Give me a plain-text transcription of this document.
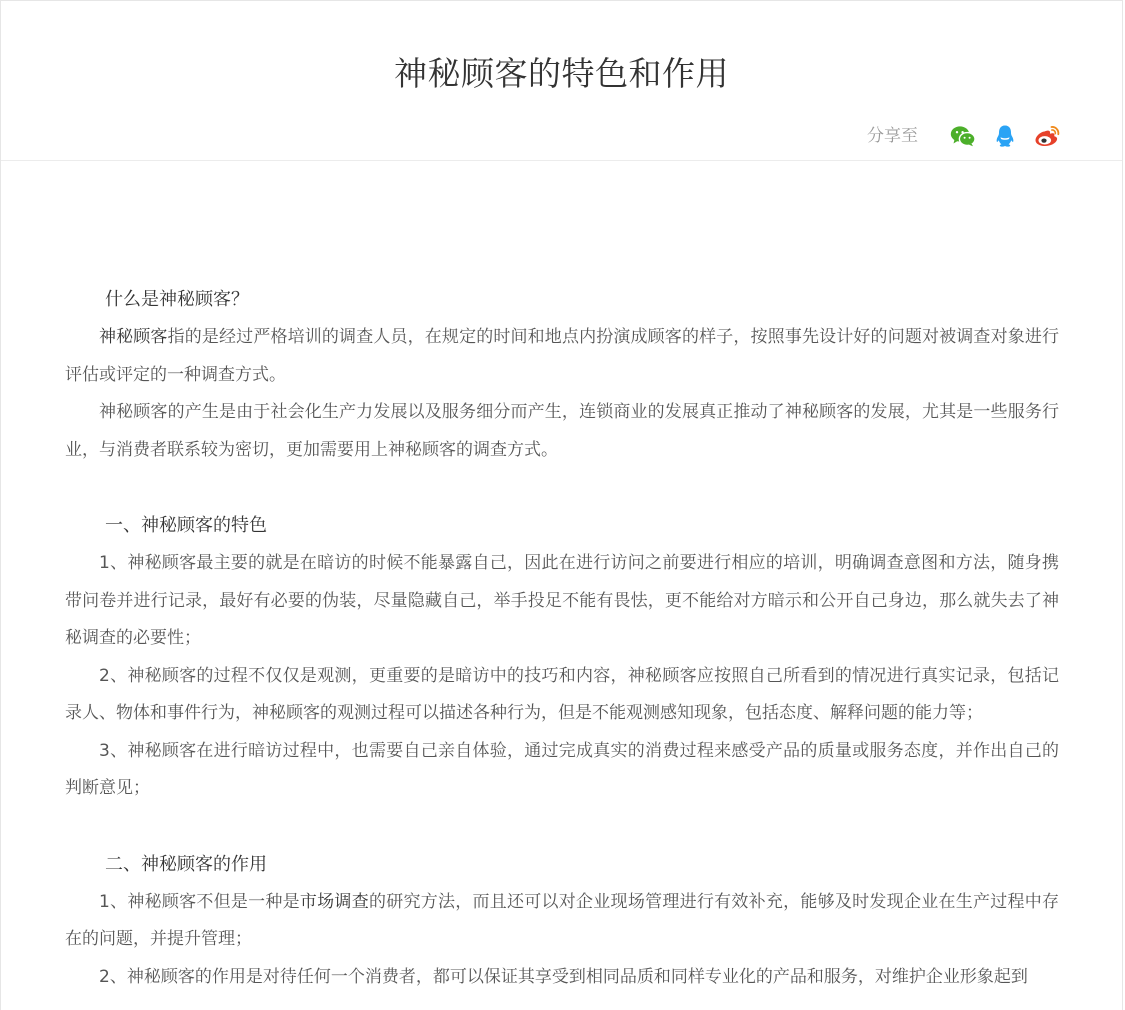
神秘顾客的特色和作用
分享至
什么是神秘顾客？

神秘顾客指的是经过严格培训的调查人员，在规定的时间和地点内扮演成顾客的样子，按照事先设计好的问题对被调查对象进行评估或评定的一种调查方式。

神秘顾客的产生是由于社会化生产力发展以及服务细分而产生，连锁商业的发展真正推动了神秘顾客的发展，尤其是一些服务行业，与消费者联系较为密切，更加需要用上神秘顾客的调查方式。

一、神秘顾客的特色

1、神秘顾客最主要的就是在暗访的时候不能暴露自己，因此在进行访问之前要进行相应的培训，明确调查意图和方法，随身携带问卷并进行记录，最好有必要的伪装，尽量隐藏自己，举手投足不能有畏怯，更不能给对方暗示和公开自己身边，那么就失去了神秘调查的必要性；

2、神秘顾客的过程不仅仅是观测，更重要的是暗访中的技巧和内容，神秘顾客应按照自己所看到的情况进行真实记录，包括记录人、物体和事件行为，神秘顾客的观测过程可以描述各种行为，但是不能观测感知现象，包括态度、解释问题的能力等；

3、神秘顾客在进行暗访过程中，也需要自己亲自体验，通过完成真实的消费过程来感受产品的质量或服务态度，并作出自己的判断意见；

二、神秘顾客的作用

1、神秘顾客不但是一种是市场调查的研究方法，而且还可以对企业现场管理进行有效补充，能够及时发现企业在生产过程中存在的问题，并提升管理；

2、神秘顾客的作用是对待任何一个消费者，都可以保证其享受到相同品质和同样专业化的产品和服务，对维护企业形象起到
